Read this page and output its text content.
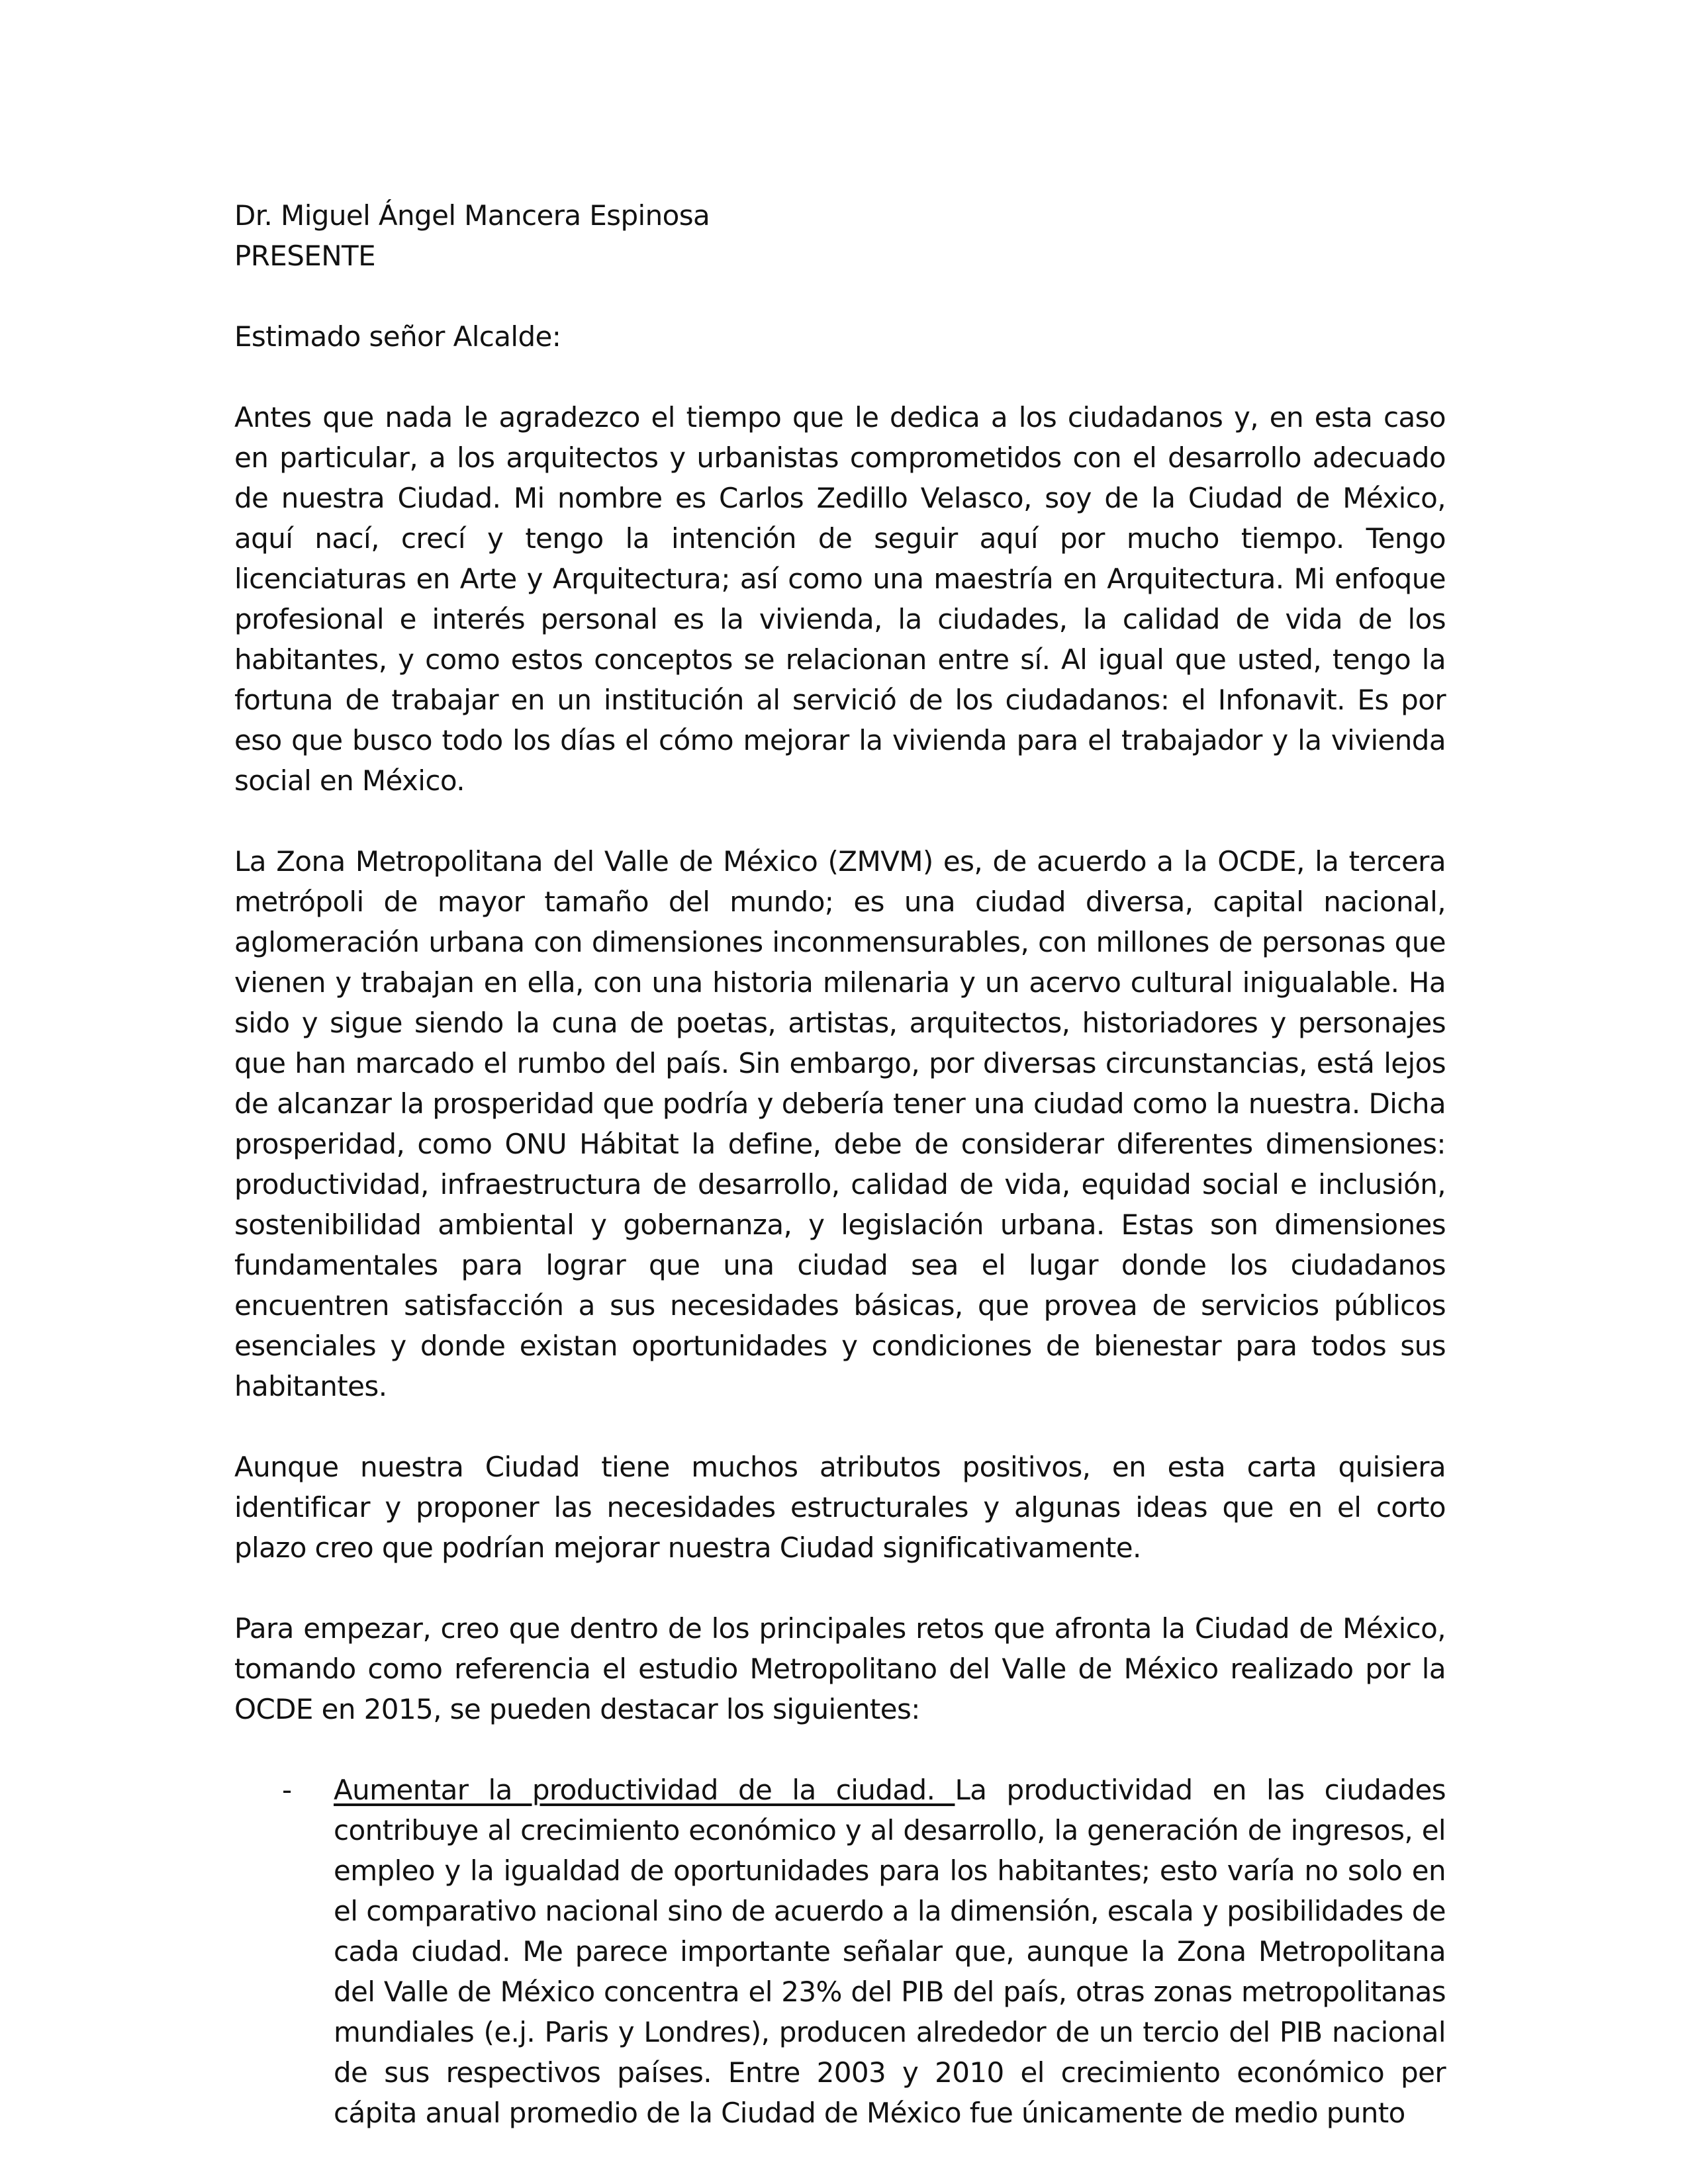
Dr. Miguel Ángel Mancera Espinosa
PRESENTE
Estimado señor Alcalde:

Antes que nada le agradezco el tiempo que le dedica a los ciudadanos y, en esta caso en particular, a los arquitectos y urbanistas comprometidos con el desarrollo adecuado de nuestra Ciudad. Mi nombre es Carlos Zedillo Velasco, soy de la Ciudad de México, aquí nací, crecí y tengo la intención de seguir aquí por mucho tiempo. Tengo licenciaturas en Arte y Arquitectura; así como una maestría en Arquitectura. Mi enfoque profesional e interés personal es la vivienda, la ciudades, la calidad de vida de los habitantes, y como estos conceptos se relacionan entre sí. Al igual que usted, tengo la fortuna de trabajar en un institución al servició de los ciudadanos: el Infonavit. Es por eso que busco todo los días el cómo mejorar la vivienda para el trabajador y la vivienda social en México.

La Zona Metropolitana del Valle de México (ZMVM) es, de acuerdo a la OCDE, la tercera metrópoli de mayor tamaño del mundo; es una ciudad diversa, capital nacional, aglomeración urbana con dimensiones inconmensurables, con millones de personas que vienen y trabajan en ella, con una historia milenaria y un acervo cultural inigualable. Ha sido y sigue siendo la cuna de poetas, artistas, arquitectos, historiadores y personajes que han marcado el rumbo del país. Sin embargo, por diversas circunstancias, está lejos de alcanzar la prosperidad que podría y debería tener una ciudad como la nuestra. Dicha prosperidad, como ONU Hábitat la define, debe de considerar diferentes dimensiones: productividad, infraestructura de desarrollo, calidad de vida, equidad social e inclusión, sostenibilidad ambiental y gobernanza, y legislación urbana. Estas son dimensiones fundamentales para lograr que una ciudad sea el lugar donde los ciudadanos encuentren satisfacción a sus necesidades básicas, que provea de servicios públicos esenciales y donde existan oportunidades y condiciones de bienestar para todos sus habitantes.

Aunque nuestra Ciudad tiene muchos atributos positivos, en esta carta quisiera identificar y proponer las necesidades estructurales y algunas ideas que en el corto plazo creo que podrían mejorar nuestra Ciudad significativamente.

Para empezar, creo que dentro de los principales retos que afronta la Ciudad de México, tomando como referencia el estudio Metropolitano del Valle de México realizado por la OCDE en 2015, se pueden destacar los siguientes:

- Aumentar la productividad de la ciudad. La productividad en las ciudades contribuye al crecimiento económico y al desarrollo, la generación de ingresos, el empleo y la igualdad de oportunidades para los habitantes; esto varía no solo en el comparativo nacional sino de acuerdo a la dimensión, escala y posibilidades de cada ciudad. Me parece importante señalar que, aunque la Zona Metropolitana del Valle de México concentra el 23% del PIB del país, otras zonas metropolitanas mundiales (e.j. Paris y Londres), producen alrededor de un tercio del PIB nacional de sus respectivos países. Entre 2003 y 2010 el crecimiento económico per cápita anual promedio de la Ciudad de México fue únicamente de medio punto
